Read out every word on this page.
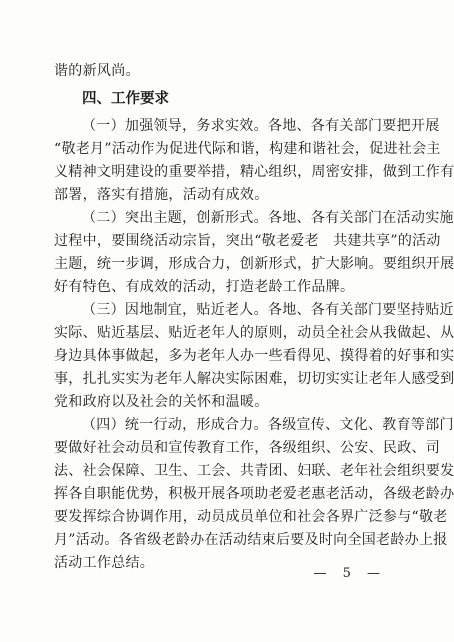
谐的新风尚。
四、工作要求
（一）加强领导，务求实效。各地、各有关部门要把开展
“敬老月”活动作为促进代际和谐，构建和谐社会，促进社会主
义精神文明建设的重要举措，精心组织，周密安排，做到工作有
部署，落实有措施，活动有成效。
（二）突出主题，创新形式。各地、各有关部门在活动实施
过程中，要围绕活动宗旨，突出“敬老爱老　共建共享”的活动
主题，统一步调，形成合力，创新形式，扩大影响。要组织开展
好有特色、有成效的活动，打造老龄工作品牌。
（三）因地制宜，贴近老人。各地、各有关部门要坚持贴近
实际、贴近基层、贴近老年人的原则，动员全社会从我做起、从
身边具体事做起，多为老年人办一些看得见、摸得着的好事和实
事，扎扎实实为老年人解决实际困难，切切实实让老年人感受到
党和政府以及社会的关怀和温暖。
（四）统一行动，形成合力。各级宣传、文化、教育等部门
要做好社会动员和宣传教育工作，各级组织、公安、民政、司
法、社会保障、卫生、工会、共青团、妇联、老年社会组织要发
挥各自职能优势，积极开展各项助老爱老惠老活动，各级老龄办
要发挥综合协调作用，动员成员单位和社会各界广泛参与“敬老
月”活动。各省级老龄办在活动结束后要及时向全国老龄办上报
活动工作总结。
— 5 —
